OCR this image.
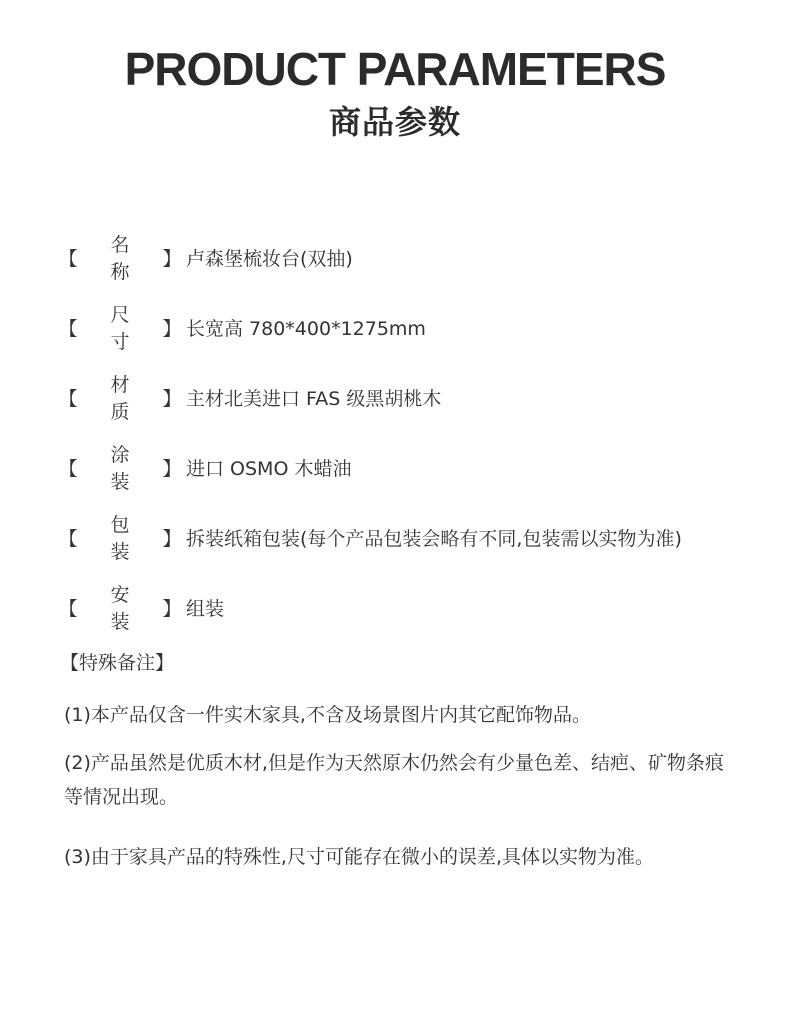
PRODUCT PARAMETERS
商品参数
【
名称
】 卢森堡梳妆台(双抽)
【
尺寸
】 长宽高 780*400*1275mm
【
材质
】 主材北美进口 FAS 级黑胡桃木
【
涂装
】 进口 OSMO 木蜡油
【
包装
】 拆装纸箱包装(每个产品包装会略有不同,包装需以实物为准)
【
安装
】 组装
【特殊备注】
(1)本产品仅含一件实木家具,不含及场景图片内其它配饰物品。
(2)产品虽然是优质木材,但是作为天然原木仍然会有少量色差、结疤、矿物条痕等情况出现。
(3)由于家具产品的特殊性,尺寸可能存在微小的误差,具体以实物为准。
